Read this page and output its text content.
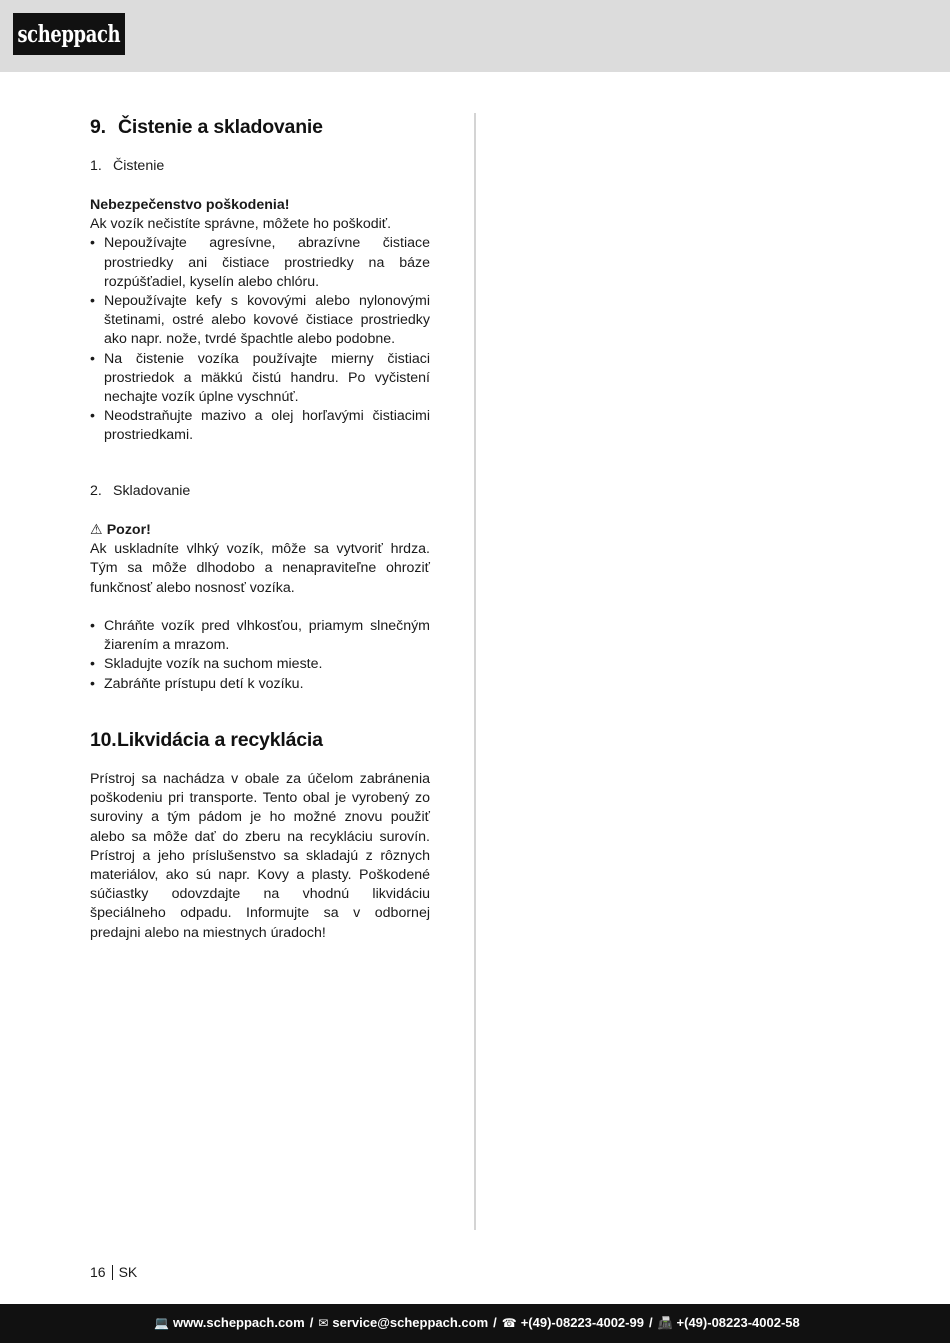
scheppach
9. Čistenie a skladovanie
1. Čistenie
Nebezpečenstvo poškodenia!
Ak vozík nečistíte správne, môžete ho poškodiť.
• Nepoužívajte agresívne, abrazívne čistiace prostriedky ani čistiace prostriedky na báze rozpúšťadiel, kyselín alebo chlóru.
• Nepoužívajte kefy s kovovými alebo nylonovými štetinami, ostré alebo kovové čistiace prostriedky ako napr. nože, tvrdé špachtle alebo podobne.
• Na čistenie vozíka používajte mierny čistiaci prostriedok a mäkkú čistú handru. Po vyčistení nechajte vozík úplne vyschnúť.
• Neodstraňujte mazivo a olej horľavými čistiacimi prostriedkami.
2. Skladovanie
⚠ Pozor!
Ak uskladníte vlhký vozík, môže sa vytvoriť hrdza. Tým sa môže dlhodobo a nenapraviteľne ohroziť funkčnosť alebo nosnosť vozíka.
• Chráňte vozík pred vlhkosťou, priamym slnečným žiarením a mrazom.
• Skladujte vozík na suchom mieste.
• Zabráňte prístupu detí k vozíku.
10.Likvidácia a recyklácia
Prístroj sa nachádza v obale za účelom zabránenia poškodeniu pri transporte. Tento obal je vyrobený zo suroviny a tým pádom je ho možné znovu použiť alebo sa môže dať do zberu na recykláciu surovín. Prístroj a jeho príslušenstvo sa skladajú z rôznych materiálov, ako sú napr. Kovy a plasty. Poškodené súčiastky odovzdajte na vhodnú likvidáciu špeciálneho odpadu. Informujte sa v odbornej predajni alebo na miestnych úradoch!
16 SK
💻 www.scheppach.com / ✉ service@scheppach.com / ☎ +(49)-08223-4002-99 / 📠 +(49)-08223-4002-58
